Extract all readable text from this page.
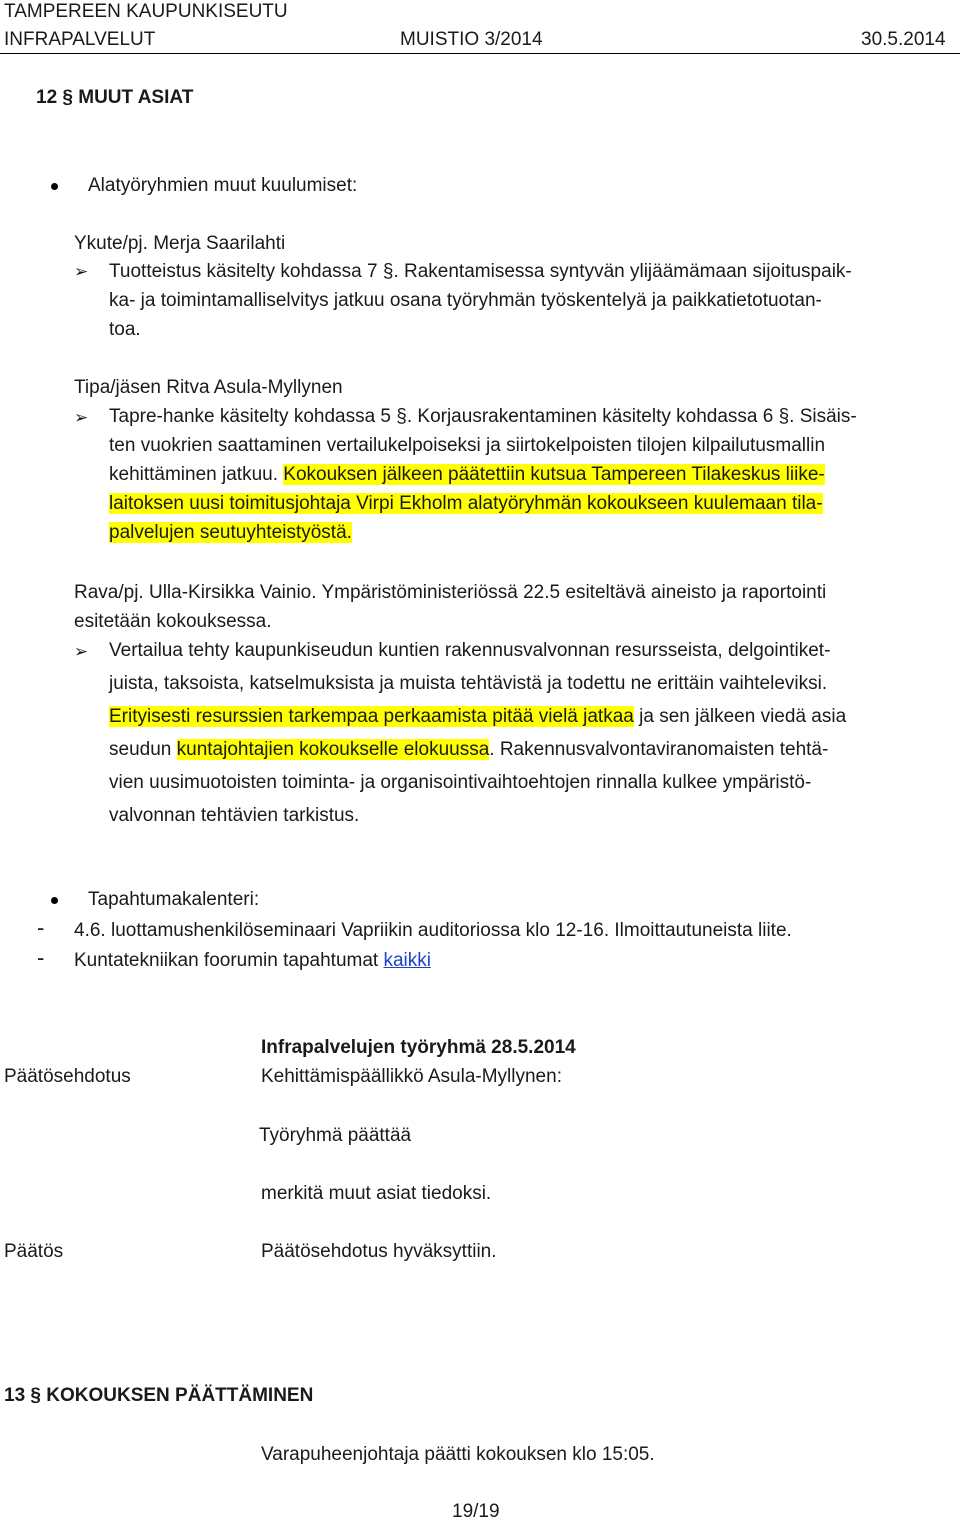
TAMPEREEN KAUPUNKISEUTU
INFRAPALVELUT	MUISTIO 3/2014	30.5.2014
12 § MUUT ASIAT
Alatyöryhmien muut kuulumiset:
Ykute/pj. Merja Saarilahti
➢ Tuotteistus käsitelty kohdassa 7 §. Rakentamisessa syntyvän ylijäämämaan sijoituspaik-
ka- ja toimintamalliselvitys jatkuu osana työryhmän työskentelyä ja paikkatietotuotan-
toa.
Tipa/jäsen Ritva Asula-Myllynen
➢ Tapre-hanke käsitelty kohdassa 5 §. Korjausrakentaminen käsitelty kohdassa 6 §. Sisäis-
ten vuokrien saattaminen vertailukelpoiseksi ja siirtokelpoisten tilojen kilpailutusmallin
kehittäminen jatkuu. Kokouksen jälkeen päätettiin kutsua Tampereen Tilakeskus liike-
laitoksen uusi toimitusjohtaja Virpi Ekholm alatyöryhmän kokoukseen kuulemaan tila-
palvelujen seutuyhteistyöstä.
Rava/pj. Ulla-Kirsikka Vainio. Ympäristöministeriössä 22.5 esiteltävä aineisto ja raportointi
esitetään kokouksessa.
➢ Vertailua tehty kaupunkiseudun kuntien rakennusvalvonnan resursseista, delgointiket-
juista, taksoista, katselmuksista ja muista tehtävistä ja todettu ne erittäin vaihteleviksi.
Erityisesti resurssien tarkempaa perkaamista pitää vielä jatkaa ja sen jälkeen viedä asia
seudun kuntajohtajien kokoukselle elokuussa. Rakennusvalvontaviranomaisten tehtä-
vien uusimuotoisten toiminta- ja organisointivaihtoehtojen rinnalla kulkee ympäristö-
valvonnan tehtävien tarkistus.
Tapahtumakalenteri:
- 4.6. luottamushenkilöseminaari Vapriikin auditoriossa klo 12-16. Ilmoittautuneista liite.
- Kuntatekniikan foorumin tapahtumat kaikki
Infrapalvelujen työryhmä 28.5.2014
Päätösehdotus	Kehittämispäällikkö Asula-Myllynen:
Työryhmä päättää
merkitä muut asiat tiedoksi.
Päätös	Päätösehdotus hyväksyttiin.
13 § KOKOUKSEN PÄÄTTÄMINEN
Varapuheenjohtaja päätti kokouksen klo 15:05.
19/19
